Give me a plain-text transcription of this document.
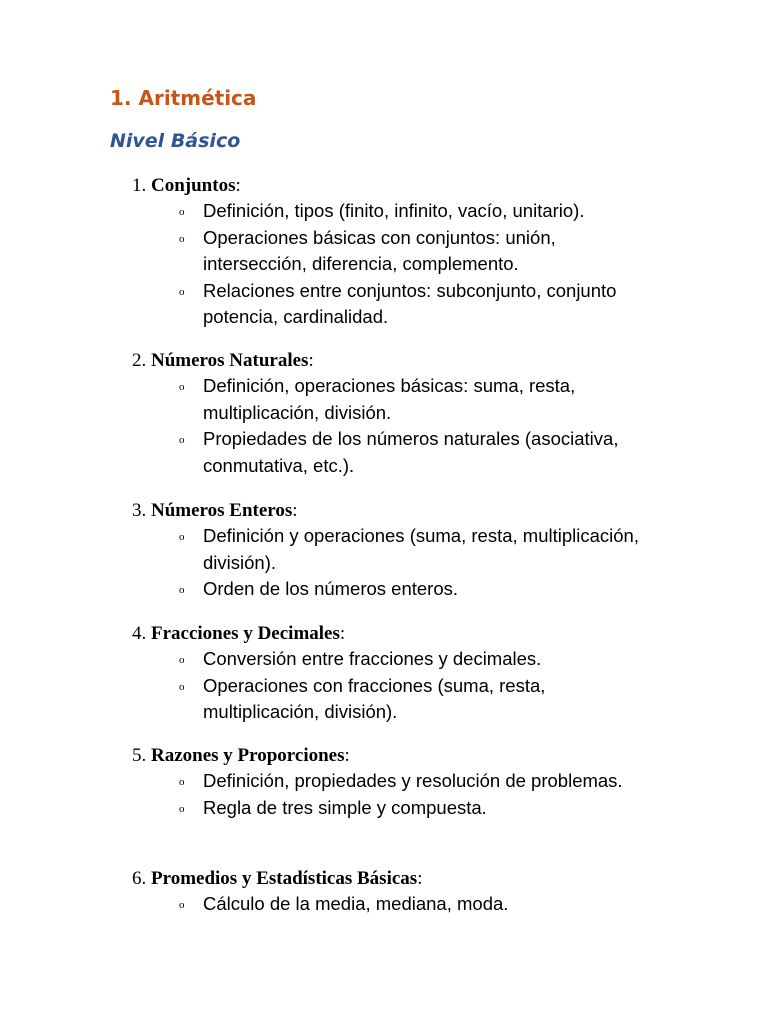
1. Aritmética
Nivel Básico
1. Conjuntos:
o Definición, tipos (finito, infinito, vacío, unitario).
o Operaciones básicas con conjuntos: unión, intersección, diferencia, complemento.
o Relaciones entre conjuntos: subconjunto, conjunto potencia, cardinalidad.
2. Números Naturales:
o Definición, operaciones básicas: suma, resta, multiplicación, división.
o Propiedades de los números naturales (asociativa, conmutativa, etc.).
3. Números Enteros:
o Definición y operaciones (suma, resta, multiplicación, división).
o Orden de los números enteros.
4. Fracciones y Decimales:
o Conversión entre fracciones y decimales.
o Operaciones con fracciones (suma, resta, multiplicación, división).
5. Razones y Proporciones:
o Definición, propiedades y resolución de problemas.
o Regla de tres simple y compuesta.
6. Promedios y Estadísticas Básicas:
o Cálculo de la media, mediana, moda.
